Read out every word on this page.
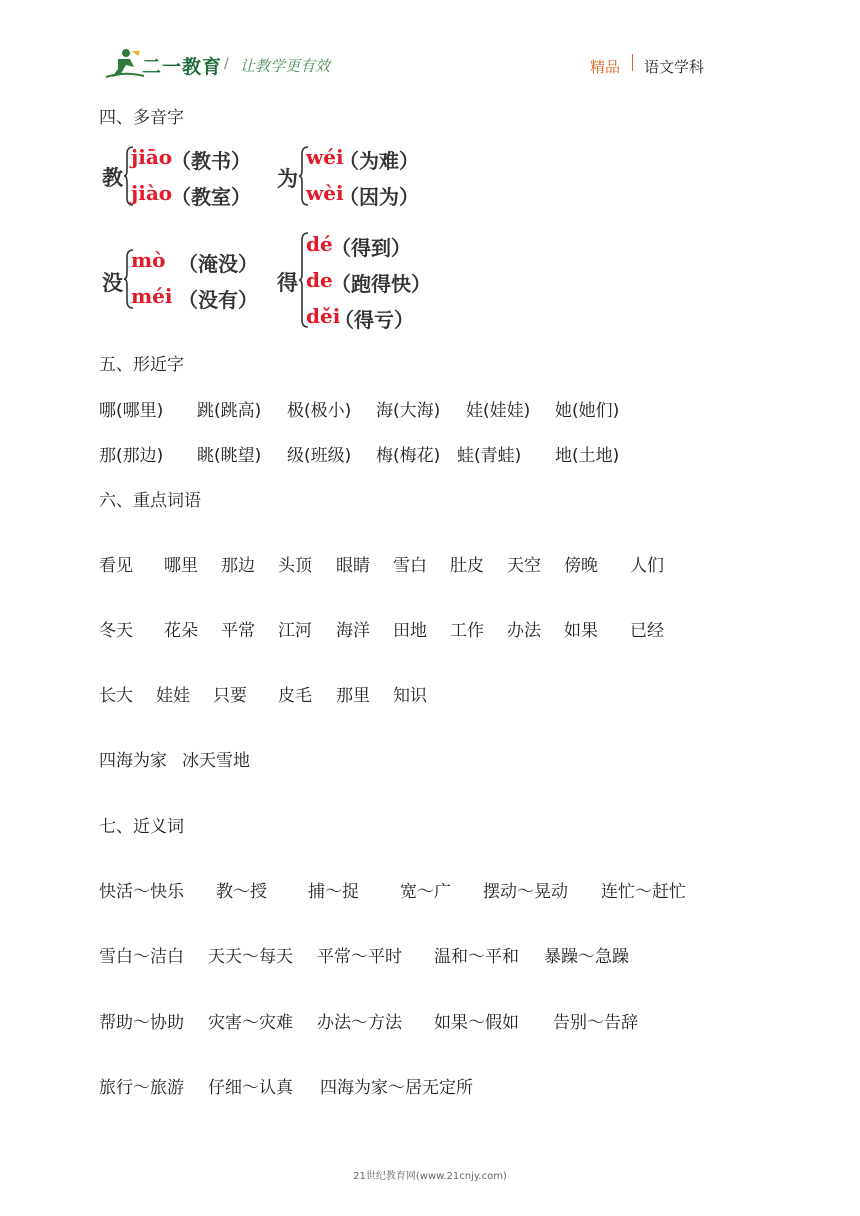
二一教育 / 让教学更有效	精品 语文学科
四、多音字
教
jiāo
（教书）
jiào
（教室）
为
wéi
（为难）
wèi
（因为）
没
mò （淹没）
méi （没有）
得
dé
（得到）
de
（跑得快）
děi
（得亏）
五、形近字
哪(哪里) 跳(跳高) 极(极小) 海(大海) 娃(娃娃) 她(她们)
那(那边) 眺(眺望) 级(班级) 梅(梅花) 蛙(青蛙) 地(土地)
六、重点词语
看见 哪里 那边 头顶 眼睛 雪白 肚皮 天空 傍晚 人们
冬天 花朵 平常 江河 海洋 田地 工作 办法 如果 已经
长大 娃娃 只要 皮毛 那里 知识
四海为家 冰天雪地
七、近义词
快活～快乐 教～授 捕～捉 宽～广 摆动～晃动 连忙～赶忙
雪白～洁白 天天～每天 平常～平时 温和～平和 暴躁～急躁
帮助～协助 灾害～灾难 办法～方法 如果～假如 告别～告辞
旅行～旅游 仔细～认真 四海为家～居无定所
21世纪教育网(www.21cnjy.com)
